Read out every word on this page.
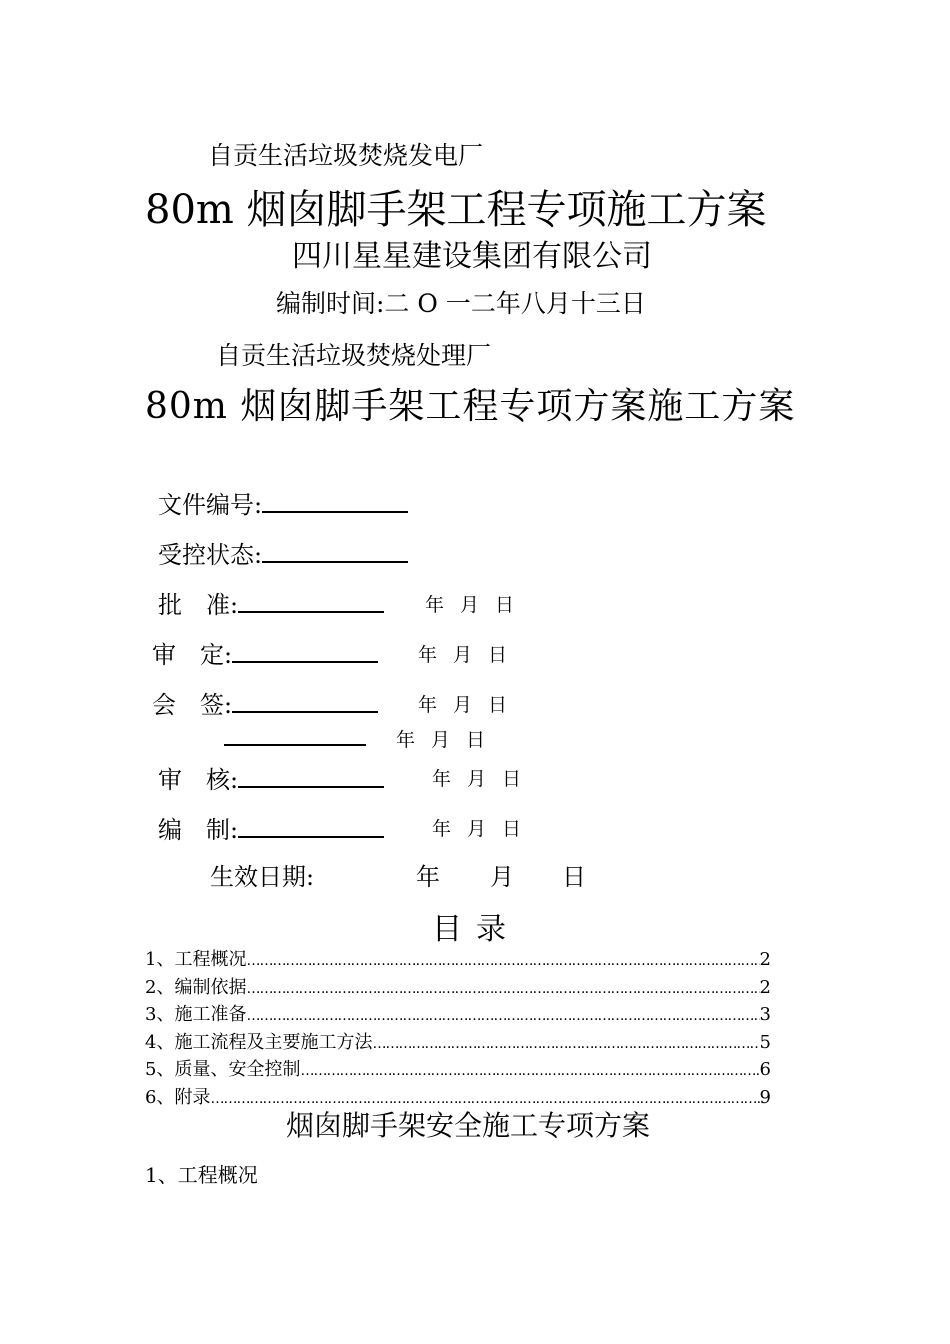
自贡生活垃圾焚烧发电厂
80m 烟囱脚手架工程专项施工方案
四川星星建设集团有限公司
编制时间:二 O 一二年八月十三日
自贡生活垃圾焚烧处理厂
80m 烟囱脚手架工程专项方案施工方案
文件编号:
受控状态:
批　准:	年 月 日
审　定:	年 月 日
会　签:	年 月 日
年 月 日
审　核:	年 月 日
编　制:	年 月 日
生效日期:	年 月 日
目录
1、工程概况 …………………………………………………………………………………………………………………………………………………………	2
2、编制依据 …………………………………………………………………………………………………………………………………………………………	2
3、施工准备 …………………………………………………………………………………………………………………………………………………………	3
4、施工流程及主要施工方法 …………………………………………………………………………………………………………………………………………………………	5
5、质量、安全控制 …………………………………………………………………………………………………………………………………………………………	6
6、附录 …………………………………………………………………………………………………………………………………………………………	9
烟囱脚手架安全施工专项方案
1、工程概况
